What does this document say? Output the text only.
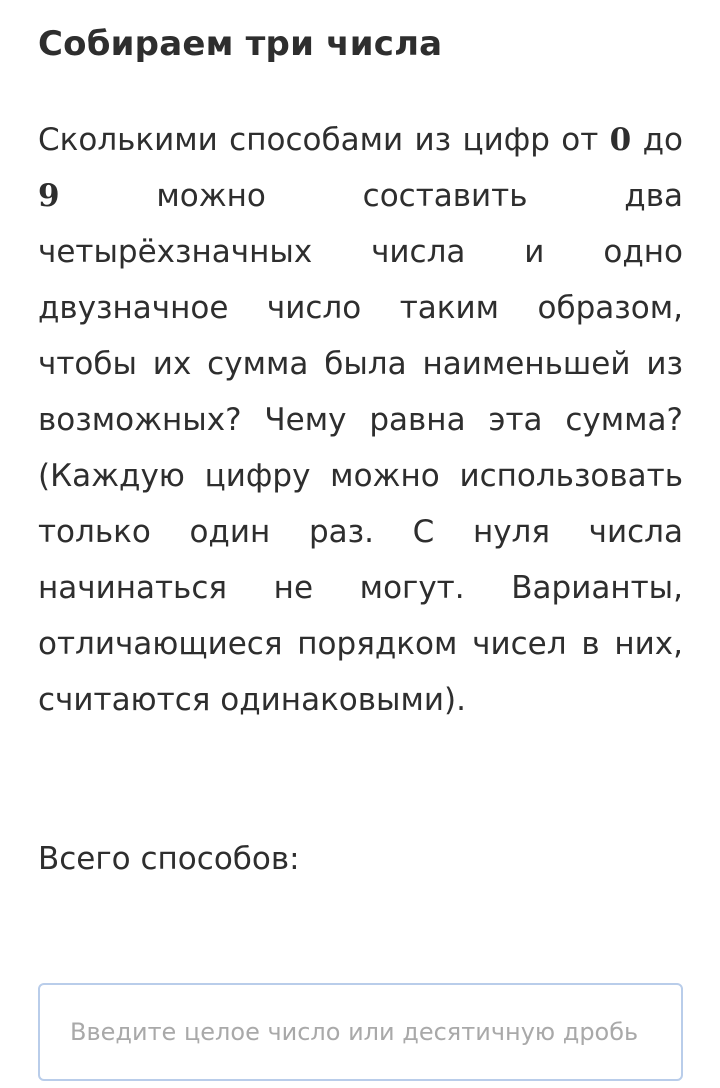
Собираем три числа

Сколькими способами из цифр от 0 до 9 можно составить два четырёхзначных числа и одно двузначное число таким образом, чтобы их сумма была наименьшей из возможных? Чему равна эта сумма? (Каждую цифру можно использовать только один раз. С нуля числа начинаться не могут. Варианты, отличающиеся порядком чисел в них, считаются одинаковыми).

Всего способов:

Введите целое число или десятичную дробь
